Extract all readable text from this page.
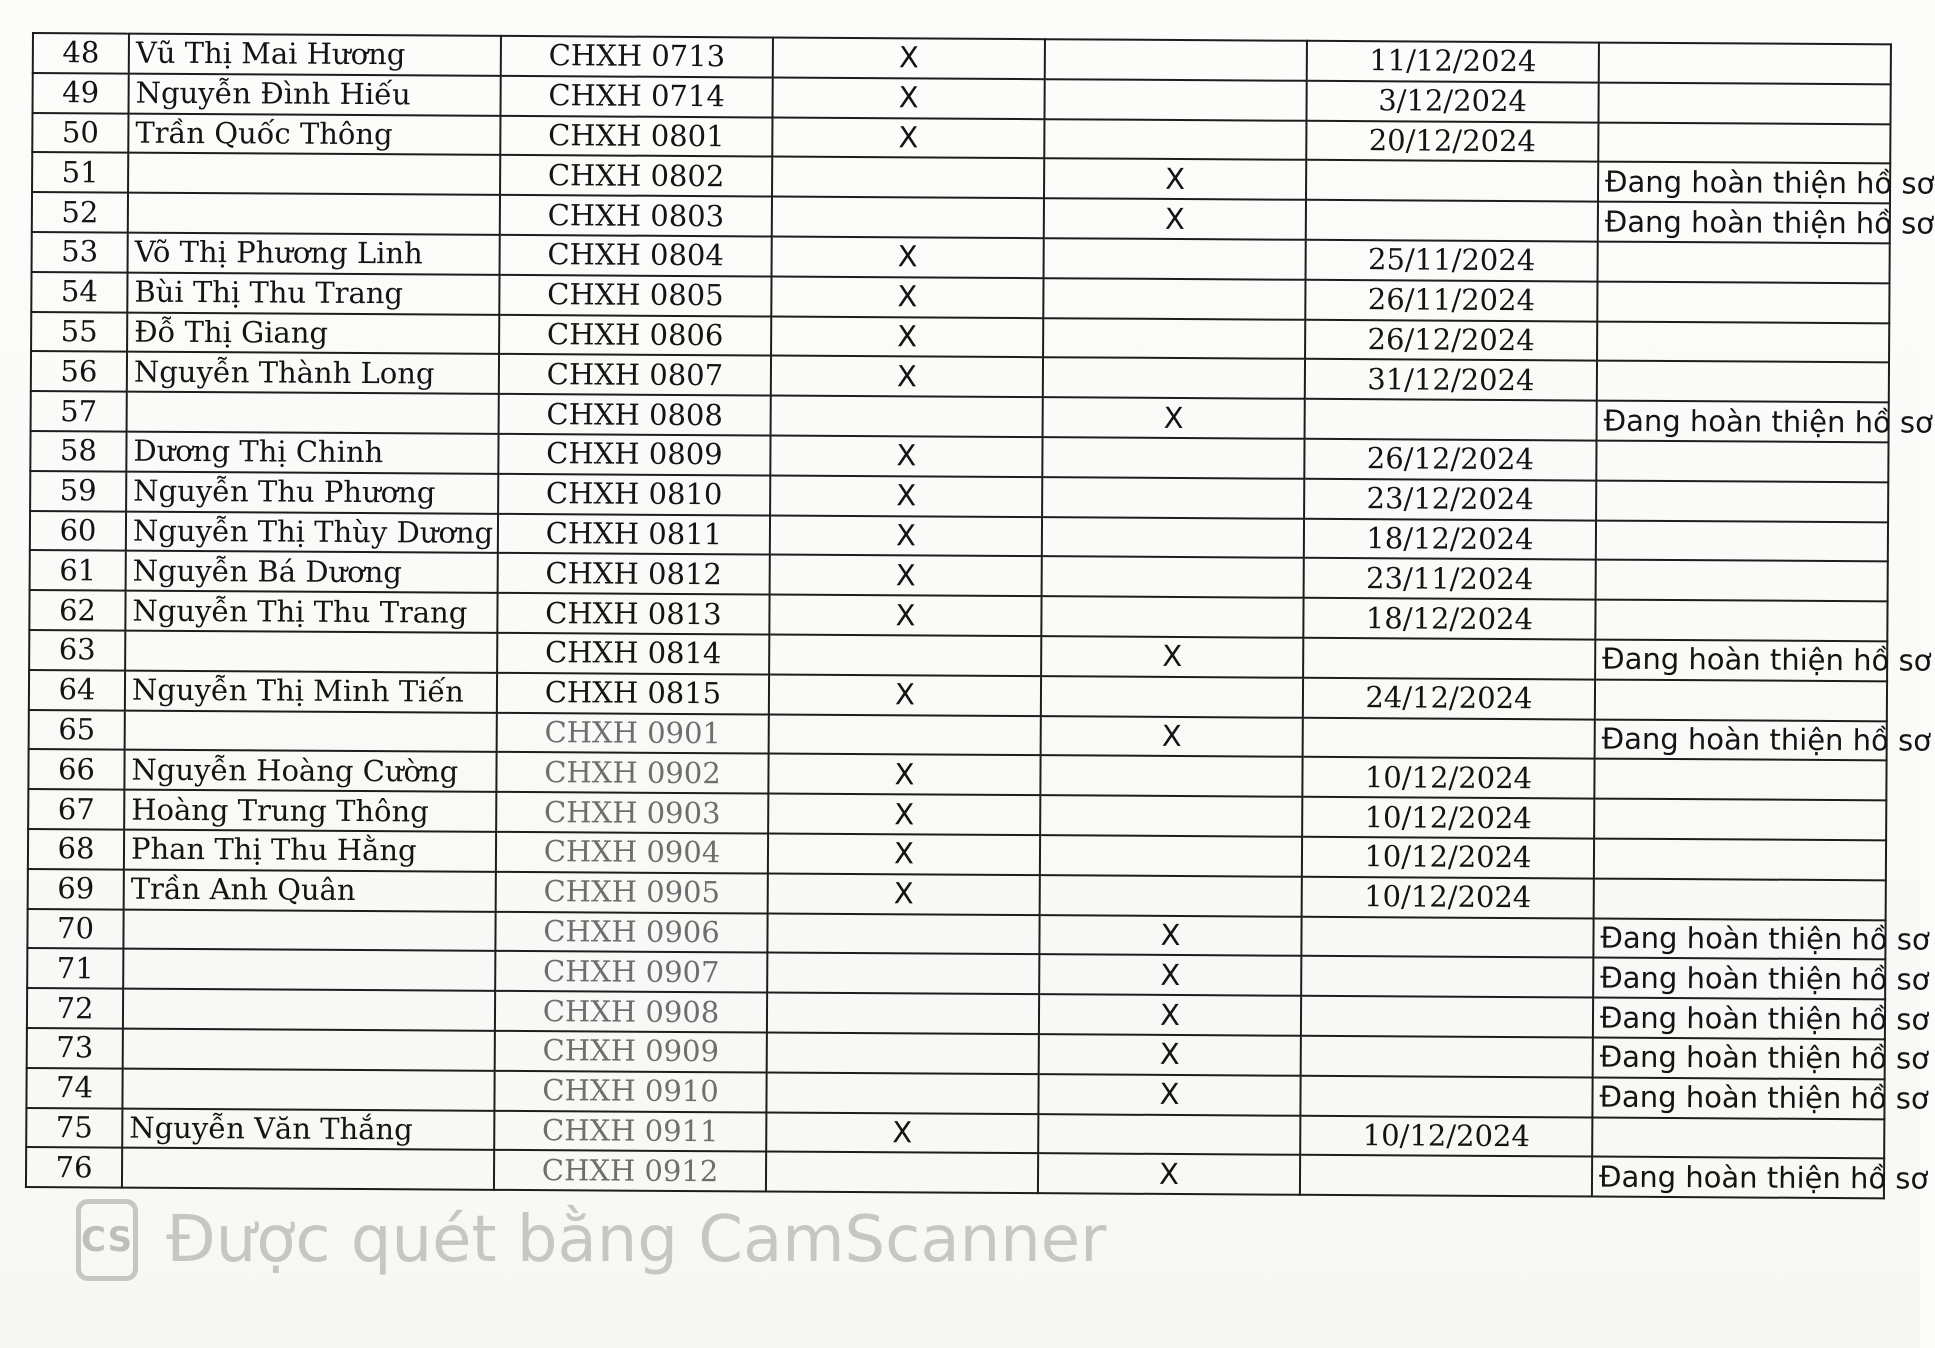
48	Vũ Thị Mai Hương	CHXH 0713	X		11/12/2024	
49	Nguyễn Đình Hiếu	CHXH 0714	X		3/12/2024	
50	Trần Quốc Thông	CHXH 0801	X		20/12/2024	
51		CHXH 0802		X		Đang hoàn thiện hồ sơ
52		CHXH 0803		X		Đang hoàn thiện hồ sơ
53	Võ Thị Phương Linh	CHXH 0804	X		25/11/2024	
54	Bùi Thị Thu Trang	CHXH 0805	X		26/11/2024	
55	Đỗ Thị Giang	CHXH 0806	X		26/12/2024	
56	Nguyễn Thành Long	CHXH 0807	X		31/12/2024	
57		CHXH 0808		X		Đang hoàn thiện hồ sơ
58	Dương Thị Chinh	CHXH 0809	X		26/12/2024	
59	Nguyễn Thu Phương	CHXH 0810	X		23/12/2024	
60	Nguyễn Thị Thùy Dương	CHXH 0811	X		18/12/2024	
61	Nguyễn Bá Dương	CHXH 0812	X		23/11/2024	
62	Nguyễn Thị Thu Trang	CHXH 0813	X		18/12/2024	
63		CHXH 0814		X		Đang hoàn thiện hồ sơ
64	Nguyễn Thị Minh Tiến	CHXH 0815	X		24/12/2024	
65		CHXH 0901		X		Đang hoàn thiện hồ sơ
66	Nguyễn Hoàng Cường	CHXH 0902	X		10/12/2024	
67	Hoàng Trung Thông	CHXH 0903	X		10/12/2024	
68	Phan Thị Thu Hằng	CHXH 0904	X		10/12/2024	
69	Trần Anh Quân	CHXH 0905	X		10/12/2024	
70		CHXH 0906		X		Đang hoàn thiện hồ sơ
71		CHXH 0907		X		Đang hoàn thiện hồ sơ
72		CHXH 0908		X		Đang hoàn thiện hồ sơ
73		CHXH 0909		X		Đang hoàn thiện hồ sơ
74		CHXH 0910		X		Đang hoàn thiện hồ sơ
75	Nguyễn Văn Thắng	CHXH 0911	X		10/12/2024	
76		CHXH 0912		X		Đang hoàn thiện hồ sơ
CS Được quét bằng CamScanner
